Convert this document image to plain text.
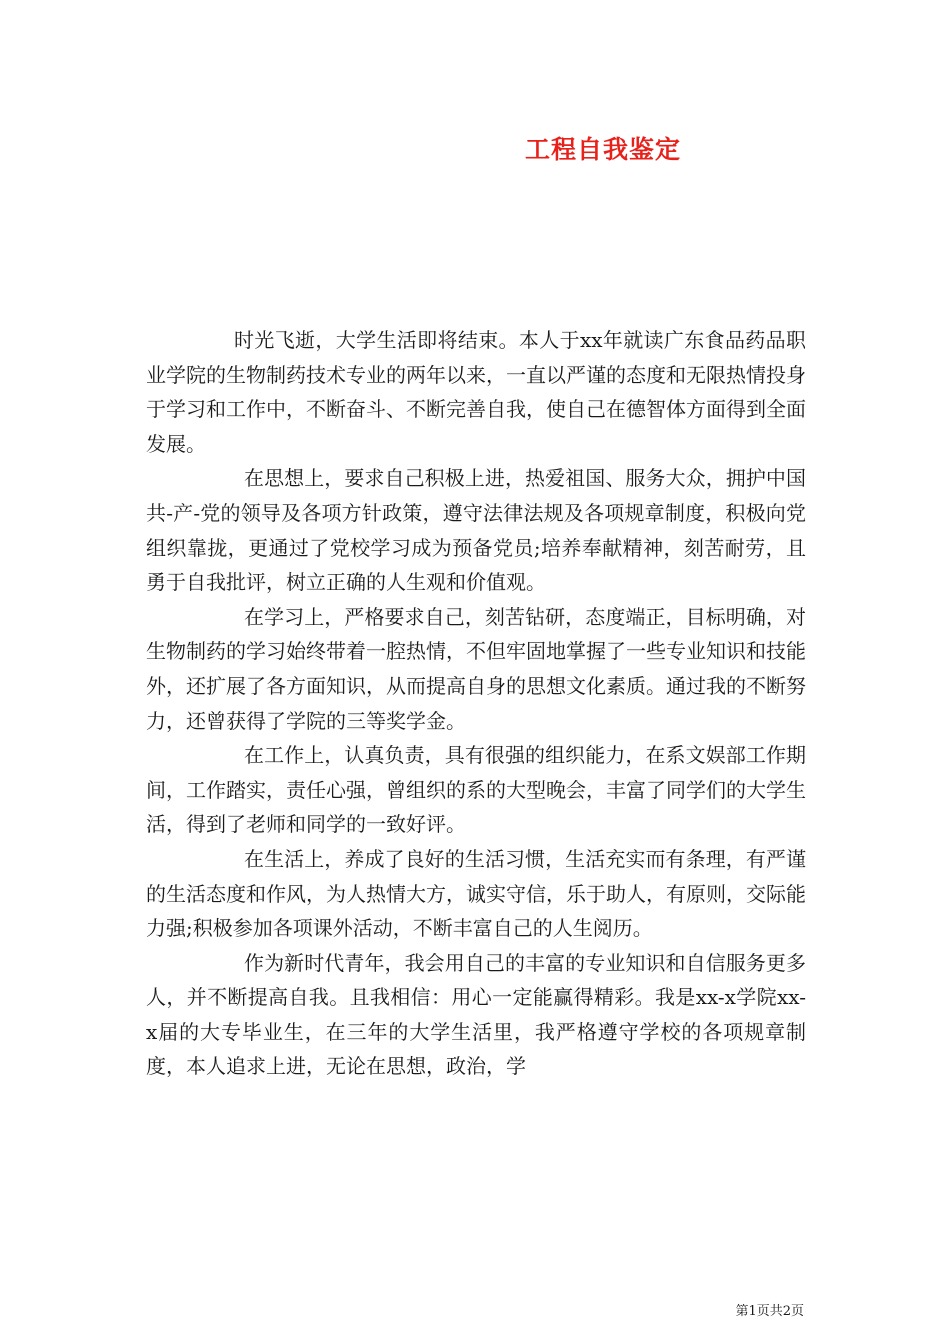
工程自我鉴定

时光飞逝，大学生活即将结束。本人于xx年就读广东食品药品职业学院的生物制药技术专业的两年以来，一直以严谨的态度和无限热情投身于学习和工作中，不断奋斗、不断完善自我，使自己在德智体方面得到全面发展。

在思想上，要求自己积极上进，热爱祖国、服务大众，拥护中国共-产-党的领导及各项方针政策，遵守法律法规及各项规章制度，积极向党组织靠拢，更通过了党校学习成为预备党员;培养奉献精神，刻苦耐劳，且勇于自我批评，树立正确的人生观和价值观。

在学习上，严格要求自己，刻苦钻研，态度端正，目标明确，对生物制药的学习始终带着一腔热情，不但牢固地掌握了一些专业知识和技能外，还扩展了各方面知识，从而提高自身的思想文化素质。通过我的不断努力，还曾获得了学院的三等奖学金。

在工作上，认真负责，具有很强的组织能力，在系文娱部工作期间，工作踏实，责任心强，曾组织的系的大型晚会，丰富了同学们的大学生活，得到了老师和同学的一致好评。

在生活上，养成了良好的生活习惯，生活充实而有条理，有严谨的生活态度和作风，为人热情大方，诚实守信，乐于助人，有原则，交际能力强;积极参加各项课外活动，不断丰富自己的人生阅历。

作为新时代青年，我会用自己的丰富的专业知识和自信服务更多人，并不断提高自我。且我相信：用心一定能赢得精彩。我是xx-x学院xx-x届的大专毕业生，在三年的大学生活里，我严格遵守学校的各项规章制度，本人追求上进，无论在思想，政治，学

第1页共2页
